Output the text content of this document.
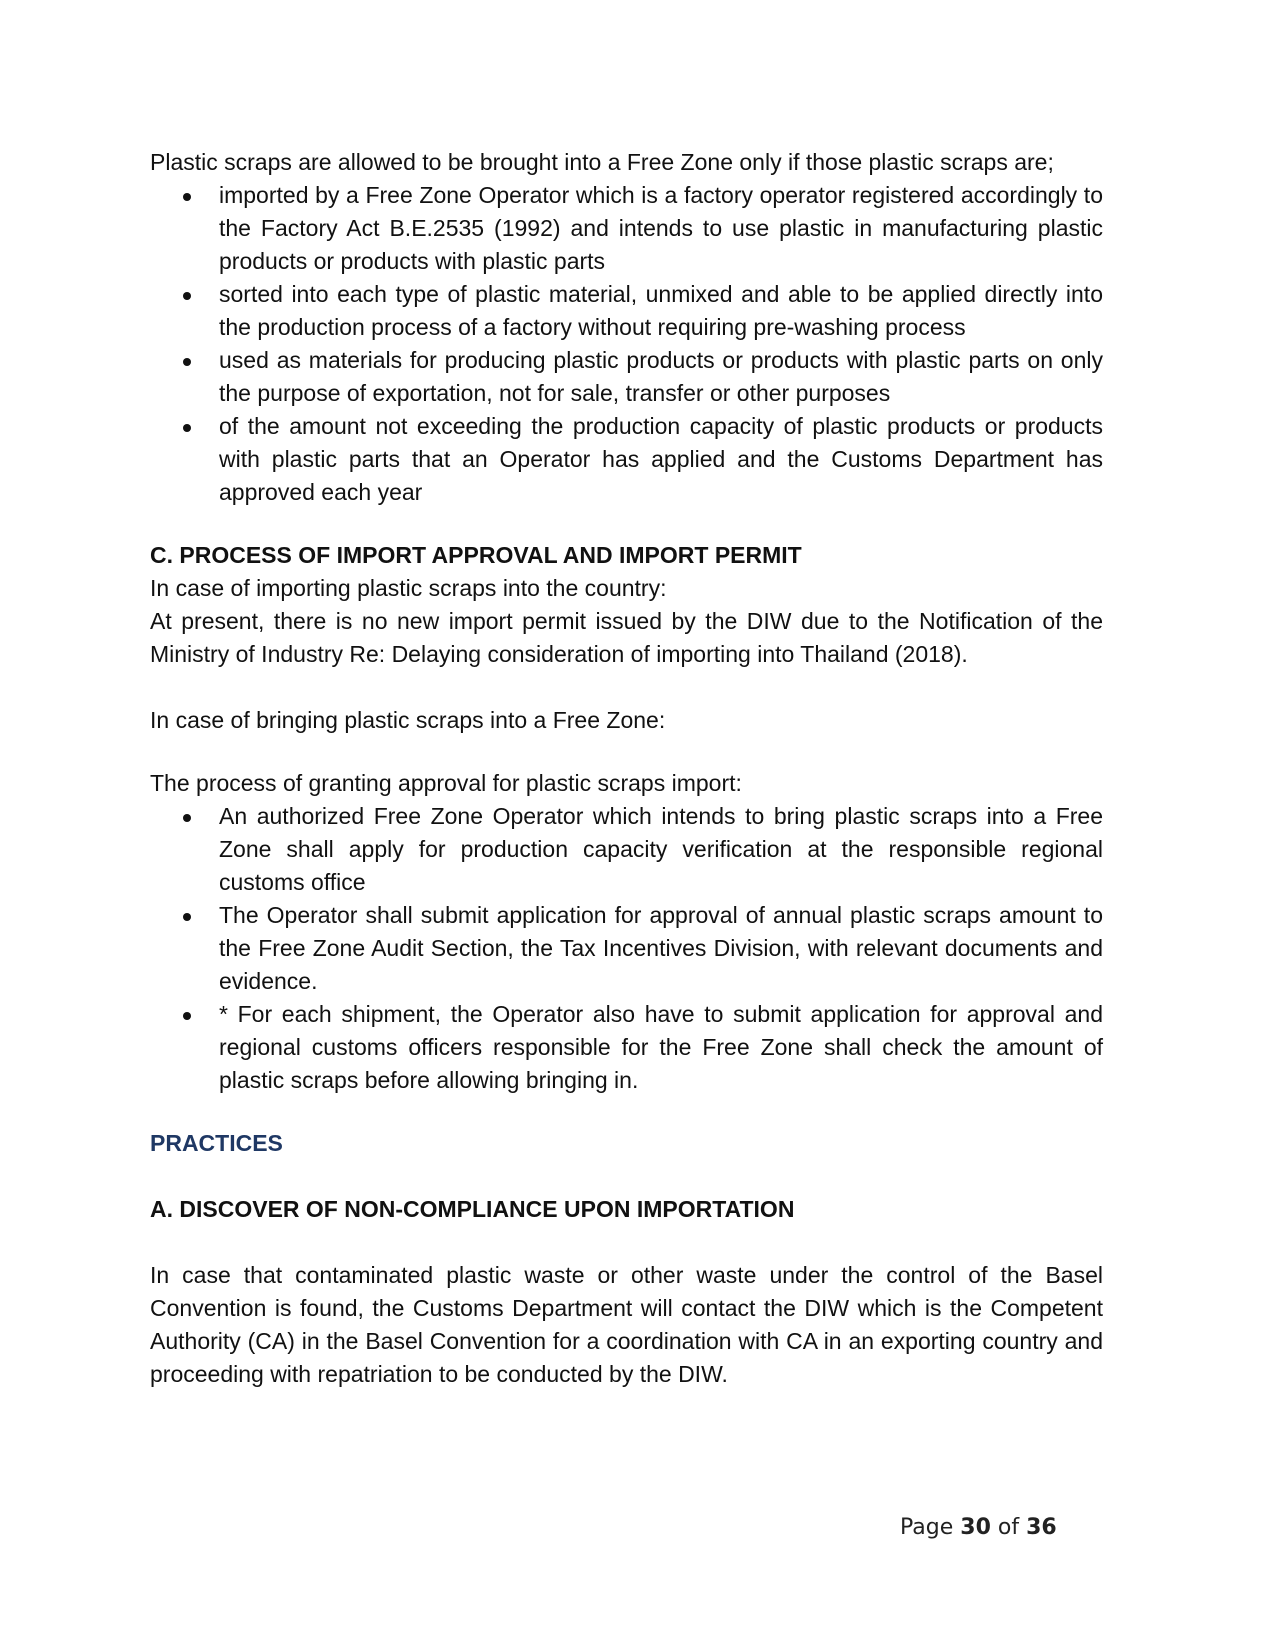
Plastic scraps are allowed to be brought into a Free Zone only if those plastic scraps are;

imported by a Free Zone Operator which is a factory operator registered accordingly to the Factory Act B.E.2535 (1992) and intends to use plastic in manufacturing plastic products or products with plastic parts
sorted into each type of plastic material, unmixed and able to be applied directly into the production process of a factory without requiring pre-washing process
used as materials for producing plastic products or products with plastic parts on only the purpose of exportation, not for sale, transfer or other purposes
of the amount not exceeding the production capacity of plastic products or products with plastic parts that an Operator has applied and the Customs Department has approved each year

C. PROCESS OF IMPORT APPROVAL AND IMPORT PERMIT

In case of importing plastic scraps into the country:

At present, there is no new import permit issued by the DIW due to the Notification of the Ministry of Industry Re: Delaying consideration of importing into Thailand (2018).

In case of bringing plastic scraps into a Free Zone:

The process of granting approval for plastic scraps import:

An authorized Free Zone Operator which intends to bring plastic scraps into a Free Zone shall apply for production capacity verification at the responsible regional customs office
The Operator shall submit application for approval of annual plastic scraps amount to the Free Zone Audit Section, the Tax Incentives Division, with relevant documents and evidence.
* For each shipment, the Operator also have to submit application for approval and regional customs officers responsible for the Free Zone shall check the amount of plastic scraps before allowing bringing in.

PRACTICES

A. DISCOVER OF NON-COMPLIANCE UPON IMPORTATION

In case that contaminated plastic waste or other waste under the control of the Basel Convention is found, the Customs Department will contact the DIW which is the Competent Authority (CA) in the Basel Convention for a coordination with CA in an exporting country and proceeding with repatriation to be conducted by the DIW.

Page 30 of 36
